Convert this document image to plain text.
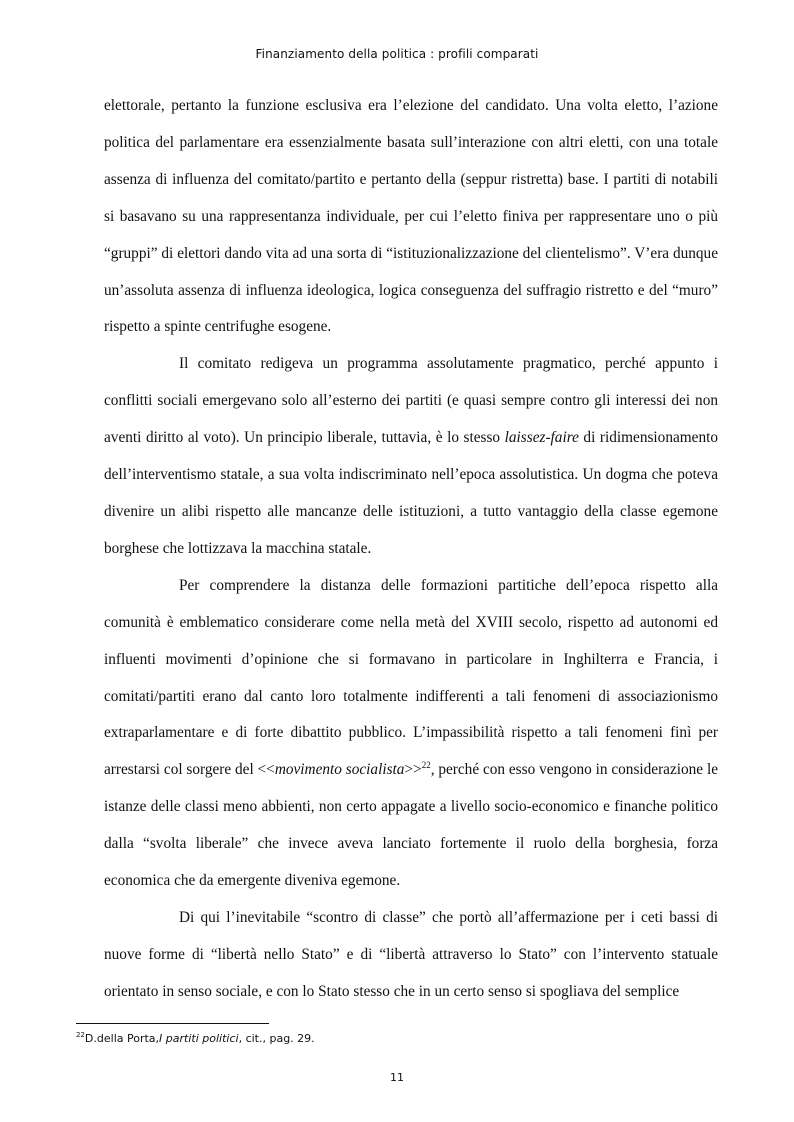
Finanziamento della politica : profili comparati

elettorale, pertanto la funzione esclusiva era l’elezione del candidato. Una volta eletto, l’azione politica del parlamentare era essenzialmente basata sull’interazione con altri eletti, con una totale assenza di influenza del comitato/partito e pertanto della (seppur ristretta) base. I partiti di notabili si basavano su una rappresentanza individuale, per cui l’eletto finiva per rappresentare uno o più “gruppi” di elettori dando vita ad una sorta di “istituzionalizzazione del clientelismo”. V’era dunque un’assoluta assenza di influenza ideologica, logica conseguenza del suffragio ristretto e del “muro” rispetto a spinte centrifughe esogene.

Il comitato redigeva un programma assolutamente pragmatico, perché appunto i conflitti sociali emergevano solo all’esterno dei partiti (e quasi sempre contro gli interessi dei non aventi diritto al voto). Un principio liberale, tuttavia, è lo stesso laissez-faire di ridimensionamento dell’interventismo statale, a sua volta indiscriminato nell’epoca assolutistica. Un dogma che poteva divenire un alibi rispetto alle mancanze delle istituzioni, a tutto vantaggio della classe egemone borghese che lottizzava la macchina statale.

Per comprendere la distanza delle formazioni partitiche dell’epoca rispetto alla comunità è emblematico considerare come nella metà del XVIII secolo, rispetto ad autonomi ed influenti movimenti d’opinione che si formavano in particolare in Inghilterra e Francia, i comitati/partiti erano dal canto loro totalmente indifferenti a tali fenomeni di associazionismo extraparlamentare e di forte dibattito pubblico. L’impassibilità rispetto a tali fenomeni finì per arrestarsi col sorgere del <<movimento socialista>>$^{22}$, perché con esso vengono in considerazione le istanze delle classi meno abbienti, non certo appagate a livello socio-economico e finanche politico dalla “svolta liberale” che invece aveva lanciato fortemente il ruolo della borghesia, forza economica che da emergente diveniva egemone.

Di qui l’inevitabile “scontro di classe” che portò all’affermazione per i ceti bassi di nuove forme di “libertà nello Stato” e di “libertà attraverso lo Stato” con l’intervento statuale orientato in senso sociale, e con lo Stato stesso che in un certo senso si spogliava del semplice

$^{22}$D.della Porta,I partiti politici, cit., pag. 29.
11
